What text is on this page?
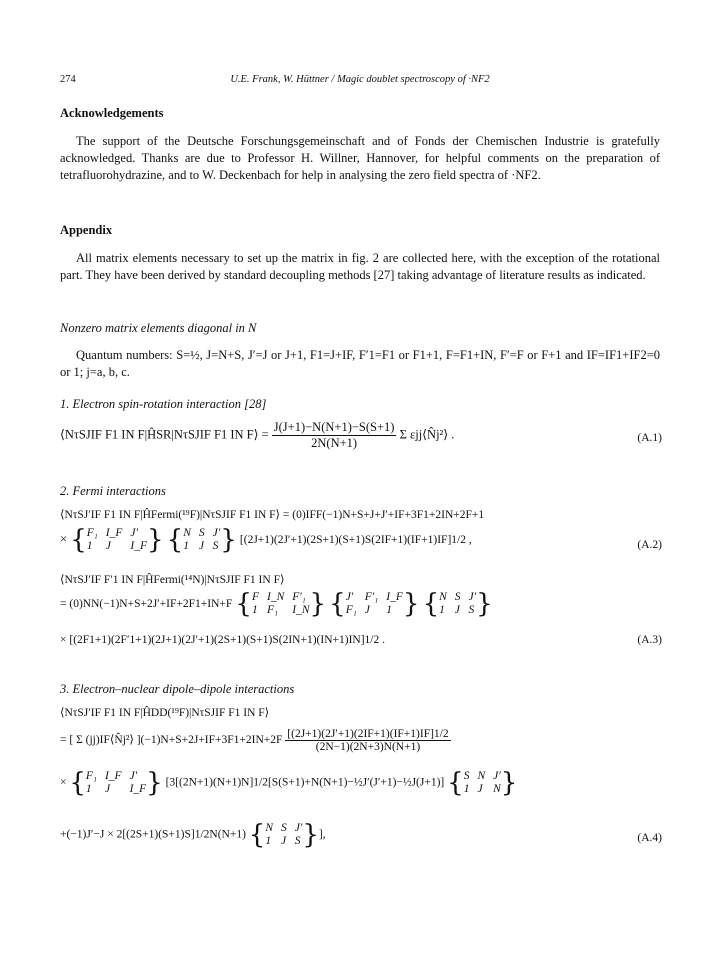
274	U.E. Frank, W. Hüttner / Magic doublet spectroscopy of ·NF2
Acknowledgements
The support of the Deutsche Forschungsgemeinschaft and of Fonds der Chemischen Industrie is gratefully acknowledged. Thanks are due to Professor H. Willner, Hannover, for helpful comments on the preparation of tetrafluorohydrazine, and to W. Deckenbach for help in analysing the zero field spectra of ·NF2.
Appendix
All matrix elements necessary to set up the matrix in fig. 2 are collected here, with the exception of the rotational part. They have been derived by standard decoupling methods [27] taking advantage of literature results as indicated.
Nonzero matrix elements diagonal in N
Quantum numbers: S=½, J=N+S, J′=J or J+1, F1=J+IF, F′1=F1 or F1+1, F=F1+IN, F′=F or F+1 and IF=IF1+IF2=0 or 1; j=a, b, c.
1. Electron spin-rotation interaction [28]
⟨NτSJIF F1 IN F|ĤSR|NτSJIF F1 IN F⟩ = $\frac{J(J+1)-N(N+1)-S(S+1)}{2N(N+1)}$ Σ εjj⟨N̂j²⟩ .	(A.1)
2. Fermi interactions
⟨NτSJ′IF F1 IN F|ĤFermi(¹⁹F)|NτSJIF F1 IN F⟩ = (0)IFF(−1)N+S+J+J′+IF+3F1+2IN+2F+1
× { F₁ I_F J′
1	J	I_F } { N S J′
1 J S } [(2J+1)(2J′+1)(2S+1)(S+1)S(2IF+1)(IF+1)IF]1/2 ,	(A.2)
⟨NτSJ′IF F′1 IN F|ĤFermi(¹⁴N)|NτSJIF F1 IN F⟩
= (0)NN(−1)N+S+2J′+IF+2F1+IN+F { F I_N F′₁
1 F₁	I_N } { J′ F′₁ I_F
F₁ J	1 } { N S J′
1 J S }
× [(2F1+1)(2F′1+1)(2J+1)(2J′+1)(2S+1)(S+1)S(2IN+1)(IN+1)IN]1/2 .	(A.3)
3. Electron–nuclear dipole–dipole interactions
⟨NτSJ′IF F1 IN F|ĤDD(¹⁹F)|NτSJIF F1 IN F⟩
= [ Σ (jj)IF⟨N̂j²⟩ ]$(-1)N+S+2J+IF+3F1+2IN+2F \frac{[(2J+1)(2J'+1)(2IF+1)(IF+1)IF]1/2}{(2N-1)(2N+3)N(N+1)}$
× { F₁ I_F J′
1	J	I_F } [3[(2N+1)(N+1)N]1/2[S(S+1)+N(N+1)−½J′(J′+1)−½J(J+1)] { S N J′
1 J N }
+(−1)J′−J × 2[(2S+1)(S+1)S]1/2N(N+1) { N S J′
1 J S }],	(A.4)
